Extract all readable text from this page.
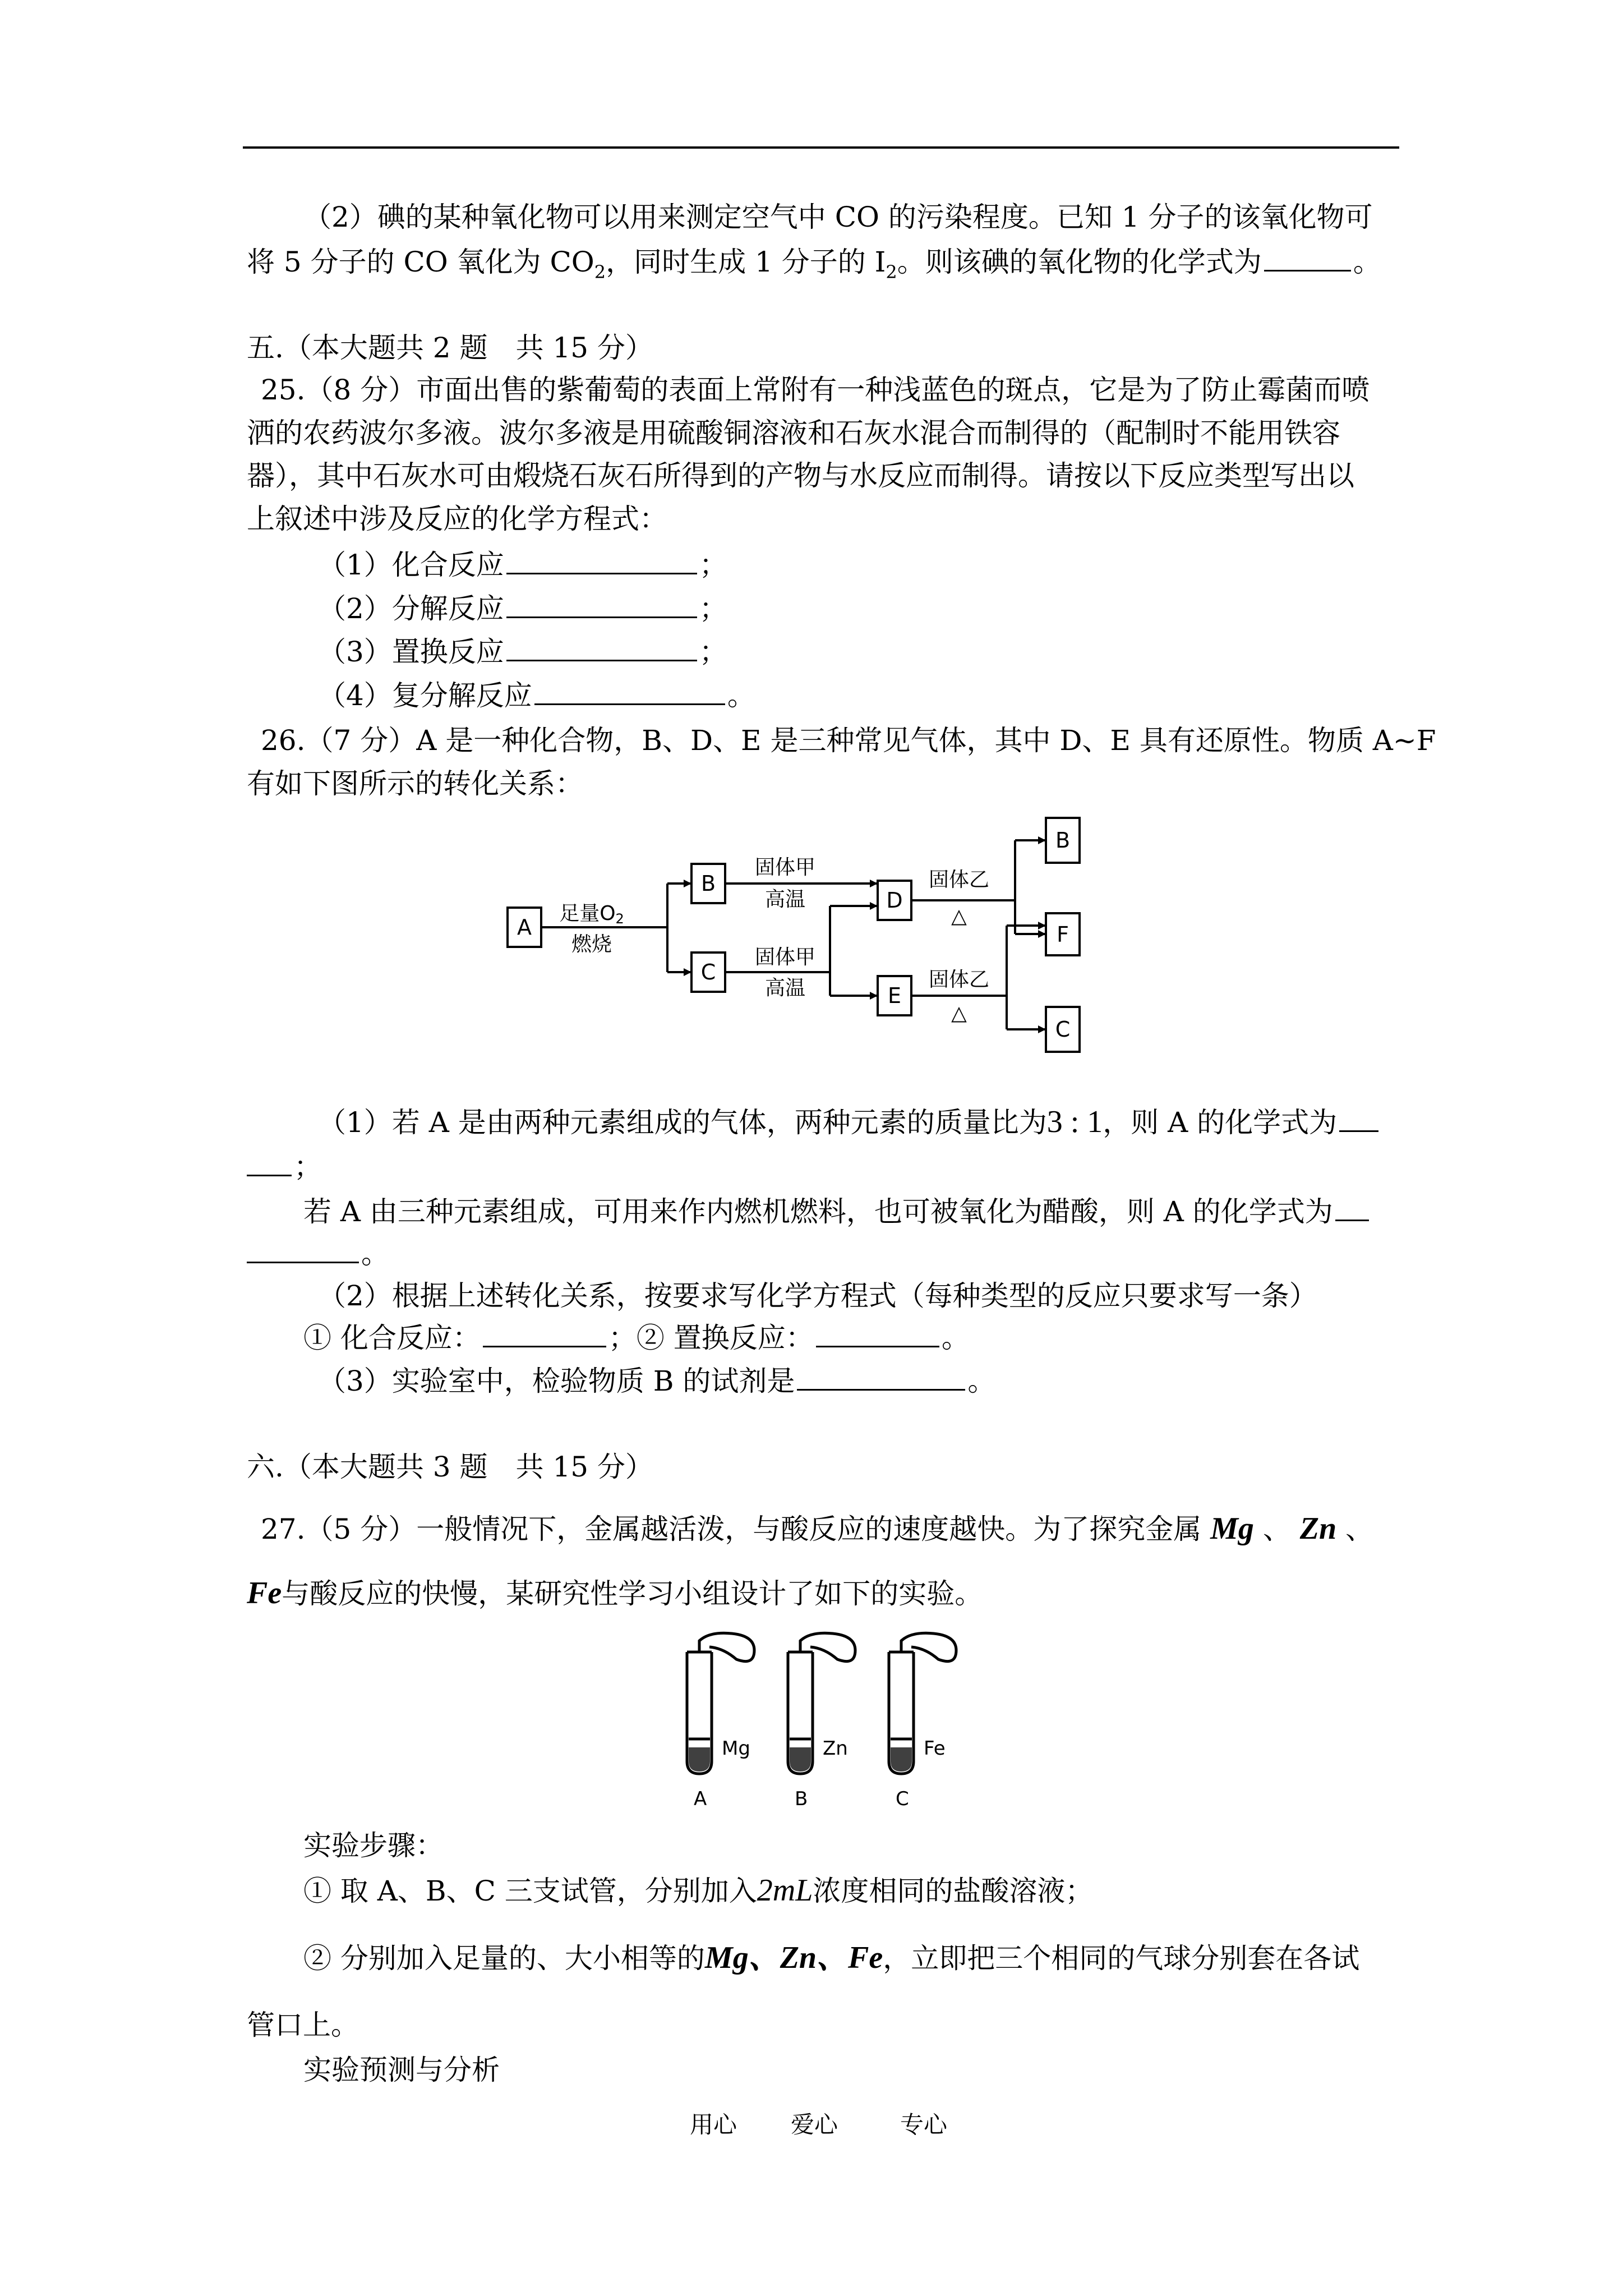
（2）碘的某种氧化物可以用来测定空气中 CO 的污染程度。已知 1 分子的该氧化物可
将 5 分子的 CO 氧化为 $CO_2$，同时生成 1 分子的 $I_2$。则该碘的氧化物的化学式为	。
五.（本大题共 2 题　共 15 分）
25.（8 分）市面出售的紫葡萄的表面上常附有一种浅蓝色的斑点，它是为了防止霉菌而喷
洒的农药波尔多液。波尔多液是用硫酸铜溶液和石灰水混合而制得的（配制时不能用铁容
器），其中石灰水可由煅烧石灰石所得到的产物与水反应而制得。请按以下反应类型写出以
上叙述中涉及反应的化学方程式：
（1）化合反应	；
（2）分解反应	；
（3）置换反应	；
（4）复分解反应	。
26.（7 分）A 是一种化合物，B、D、E 是三种常见气体，其中 D、E 具有还原性。物质 A~F
有如下图所示的转化关系：
A
B
C
D
E
B
F
C
足量O2
燃烧
固体甲
高温
固体甲
高温
固体乙
△
固体乙
△
（1）若 A 是由两种元素组成的气体，两种元素的质量比为3 : 1，则 A 的化学式为
；
若 A 由三种元素组成，可用来作内燃机燃料，也可被氧化为醋酸，则 A 的化学式为
。
（2）根据上述转化关系，按要求写化学方程式（每种类型的反应只要求写一条）
① 化合反应：	；② 置换反应：	。
（3）实验室中，检验物质 B 的试剂是	。
六.（本大题共 3 题　共 15 分）
27.（5 分）一般情况下，金属越活泼，与酸反应的速度越快。为了探究金属 Mg 、 Zn 、
Fe与酸反应的快慢，某研究性学习小组设计了如下的实验。
Mg	Zn	Fe
A	B	C
实验步骤：
① 取 A、B、C 三支试管，分别加入2mL浓度相同的盐酸溶液；
② 分别加入足量的、大小相等的Mg、Zn、Fe，立即把三个相同的气球分别套在各试
管口上。
实验预测与分析
用心 爱心	专心
